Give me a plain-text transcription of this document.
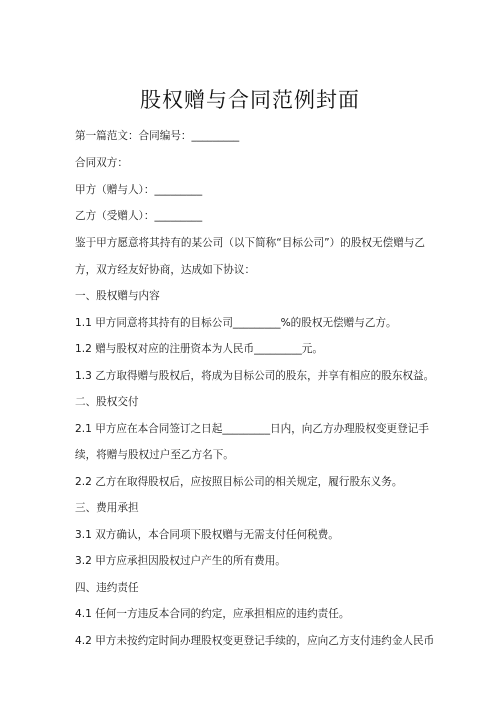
股权赠与合同范例封面
第一篇范文：合同编号：_________
合同双方：
甲方（赠与人）：_________
乙方（受赠人）：_________
鉴于甲方愿意将其持有的某公司（以下简称“目标公司”）的股权无偿赠与乙
方，双方经友好协商，达成如下协议：
一、股权赠与内容
1.1 甲方同意将其持有的目标公司_________%的股权无偿赠与乙方。
1.2 赠与股权对应的注册资本为人民币_________元。
1.3 乙方取得赠与股权后，将成为目标公司的股东，并享有相应的股东权益。
二、股权交付
2.1 甲方应在本合同签订之日起_________日内，向乙方办理股权变更登记手
续，将赠与股权过户至乙方名下。
2.2 乙方在取得股权后，应按照目标公司的相关规定，履行股东义务。
三、费用承担
3.1 双方确认，本合同项下股权赠与无需支付任何税费。
3.2 甲方应承担因股权过户产生的所有费用。
四、违约责任
4.1 任何一方违反本合同的约定，应承担相应的违约责任。
4.2 甲方未按约定时间办理股权变更登记手续的，应向乙方支付违约金人民币
